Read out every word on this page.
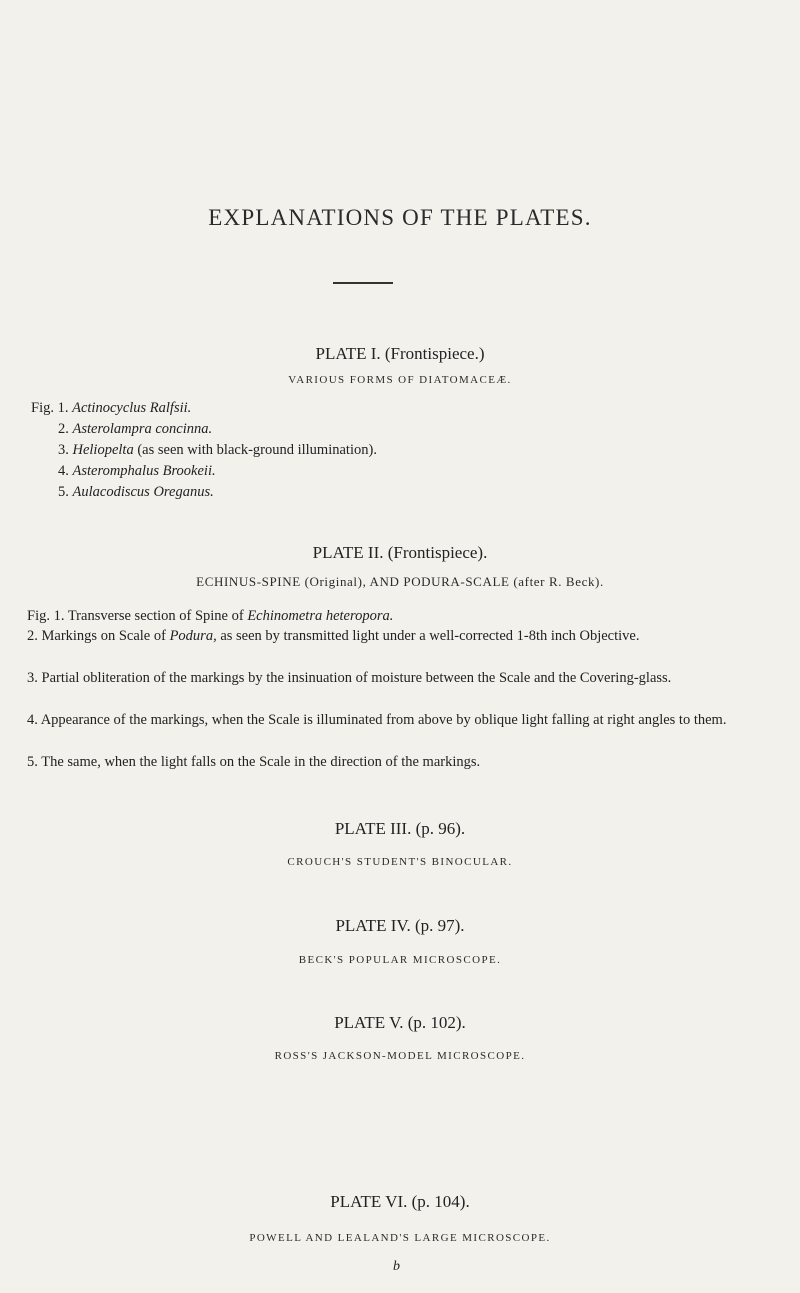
EXPLANATIONS OF THE PLATES.
PLATE I. (Frontispiece.)
VARIOUS FORMS OF DIATOMACEÆ.
Fig. 1. Actinocyclus Ralfsii.
2. Asterolampra concinna.
3. Heliopelta (as seen with black-ground illumination).
4. Asteromphalus Brookeii.
5. Aulacodiscus Oreganus.
PLATE II. (Frontispiece).
ECHINUS-SPINE (Original), AND PODURA-SCALE (after R. Beck).
Fig. 1. Transverse section of Spine of Echinometra heteropora.
2. Markings on Scale of Podura, as seen by transmitted light under a well-corrected 1-8th inch Objective.
3. Partial obliteration of the markings by the insinuation of moisture between the Scale and the Covering-glass.
4. Appearance of the markings, when the Scale is illuminated from above by oblique light falling at right angles to them.
5. The same, when the light falls on the Scale in the direction of the markings.
PLATE III. (p. 96).
CROUCH'S STUDENT'S BINOCULAR.
PLATE IV. (p. 97).
BECK'S POPULAR MICROSCOPE.
PLATE V. (p. 102).
ROSS'S JACKSON-MODEL MICROSCOPE.
PLATE VI. (p. 104).
POWELL AND LEALAND'S LARGE MICROSCOPE.
b
